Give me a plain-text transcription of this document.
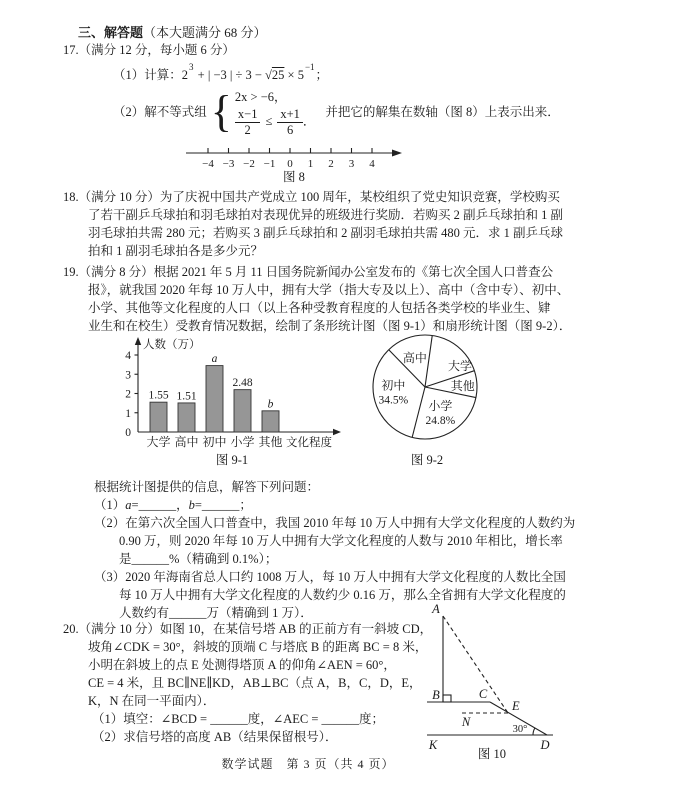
三、解答题（本大题满分 68 分）
17.（满分 12 分，每小题 6 分）
（1）计算：$2^3$ + | −3 | ÷ $3 - √25 \times 5^{-1}$；
（2）解不等式组 { 2x > −6，
$\frac{x-1}{2} \le \frac{x+1}{6}$ ．
并把它的解集在数轴（图 8）上表示出来．
−4 −3 −2 −1 0 1 2 3 4
图 8
18.（满分 10 分）为了庆祝中国共产党成立 100 周年，某校组织了党史知识竞赛，学校购买
了若干副乒乓球拍和羽毛球拍对表现优异的班级进行奖励．若购买 2 副乒乓球拍和 1 副
羽毛球拍共需 280 元；若购买 3 副乒乓球拍和 2 副羽毛球拍共需 480 元．求 1 副乒乓球
拍和 1 副羽毛球拍各是多少元？
19.（满分 8 分）根据 2021 年 5 月 11 日国务院新闻办公室发布的《第七次全国人口普查公
报》，就我国 2020 年每 10 万人中，拥有大学（指大专及以上）、高中（含中专）、初中、
小学、其他等文化程度的人口（以上各种受教育程度的人包括各类学校的毕业生、肄
业生和在校生）受教育情况数据，绘制了条形统计图（图 9-1）和扇形统计图（图 9-2）．
人数（万）
0
1
2
3
4
1.55
大学
1.51
高中
a
初中
2.48
小学
b
其他 文化程度
图 9-1
大学
其他
小学
24.8%
初中
34.5%
高中
图 9-2
根据统计图提供的信息，解答下列问题：
（1）a=______，b=______；
（2）在第六次全国人口普查中，我国 2010 年每 10 万人中拥有大学文化程度的人数约为
0.90 万，则 2020 年每 10 万人中拥有大学文化程度的人数与 2010 年相比，增长率
是______%（精确到 0.1%）；
（3）2020 年海南省总人口约 1008 万人，每 10 万人中拥有大学文化程度的人数比全国
每 10 万人中拥有大学文化程度的人数约少 0.16 万，那么全省拥有大学文化程度的
人数约有______万（精确到 1 万）．
20.（满分 10 分）如图 10，在某信号塔 AB 的正前方有一斜坡 CD，
坡角∠CDK = 30°，斜坡的顶端 C 与塔底 B 的距离 BC = 8 米，
小明在斜坡上的点 E 处测得塔顶 A 的仰角∠AEN = 60°，
CE = 4 米，且 BC∥NE∥KD，AB⊥BC（点 A，B，C，D，E，
K，N 在同一平面内）．
（1）填空：∠BCD = ______度，∠AEC = ______度；
（2）求信号塔的高度 AB（结果保留根号）．
A
B	C
E
N
K	D
30°
图 10
数学试题　第 3 页（共 4 页）
